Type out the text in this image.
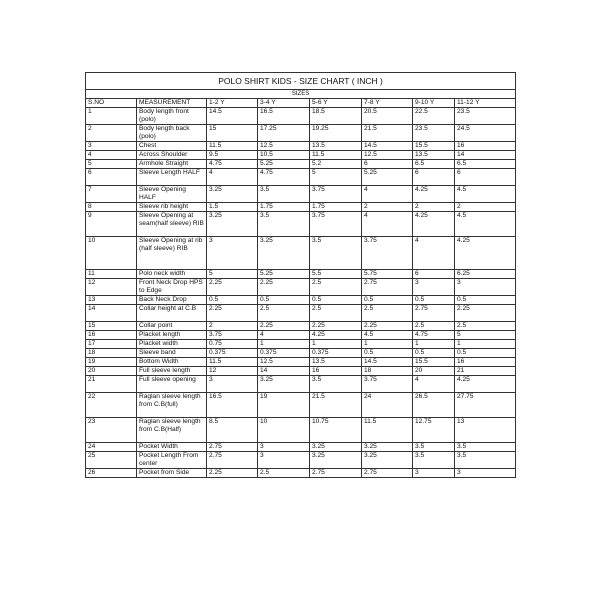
POLO SHIRT KIDS - SIZE CHART ( INCH )							
SIZES							
S.NO	MEASUREMENT	1-2 Y	3-4 Y	5-6 Y	7-8 Y	9-10 Y	11-12 Y
1	Body length front (polo)	14.5	16.5	18.5	20.5	22.5	23.5
2	Body length back (polo)	15	17.25	19.25	21.5	23.5	24.5
3	Chest	11.5	12.5	13.5	14.5	15.5	16
4	Across Shoulder	9.5	10.5	11.5	12.5	13.5	14
5	Armhole Straight	4.75	5.25	5.2	6	6.5	6.5
6	Sleeve Length HALF	4	4.75	5	5.25	6	6
7	Sleeve Opening HALF	3.25	3.5	3.75	4	4.25	4.5
8	Sleeve rib height	1.5	1.75	1.75	2	2	2
9	Sleeve Opening at seam(half sleeve) RIB	3.25	3.5	3.75	4	4.25	4.5
10	Sleeve Opening at rib (half sleeve) RIB	3	3.25	3.5	3.75	4	4.25
11	Polo neck width	5	5.25	5.5	5.75	6	6.25
12	Front Neck Drop HPS to Edge	2.25	2.25	2.5	2.75	3	3
13	Back Neck Drop	0.5	0.5	0.5	0.5	0.5	0.5
14	Collar height at C.B	2.25	2.5	2.5	2.5	2.75	2.25
15	Collar point	2	2.25	2.25	2.25	2.5	2.5
16	Placket length	3.75	4	4.25	4.5	4.75	5
17	Placket width	0.75	1	1	1	1	1
18	Sleeve band	0.375	0.375	0.375	0.5	0.5	0.5
19	Bottom Width	11.5	12.5	13.5	14.5	15.5	16
20	Full sleeve length	12	14	16	18	20	21
21	Full sleeve opening	3	3.25	3.5	3.75	4	4.25
22	Raglan sleeve length from C.B(full)	16.5	19	21.5	24	26.5	27.75
23	Raglan sleeve length from C.B(Half)	8.5	10	10.75	11.5	12.75	13
24	Pocket Width	2.75	3	3.25	3.25	3.5	3.5
25	Pocket Length From center	2.75	3	3.25	3.25	3.5	3.5
26	Pocket from Side	2.25	2.5	2.75	2.75	3	3
